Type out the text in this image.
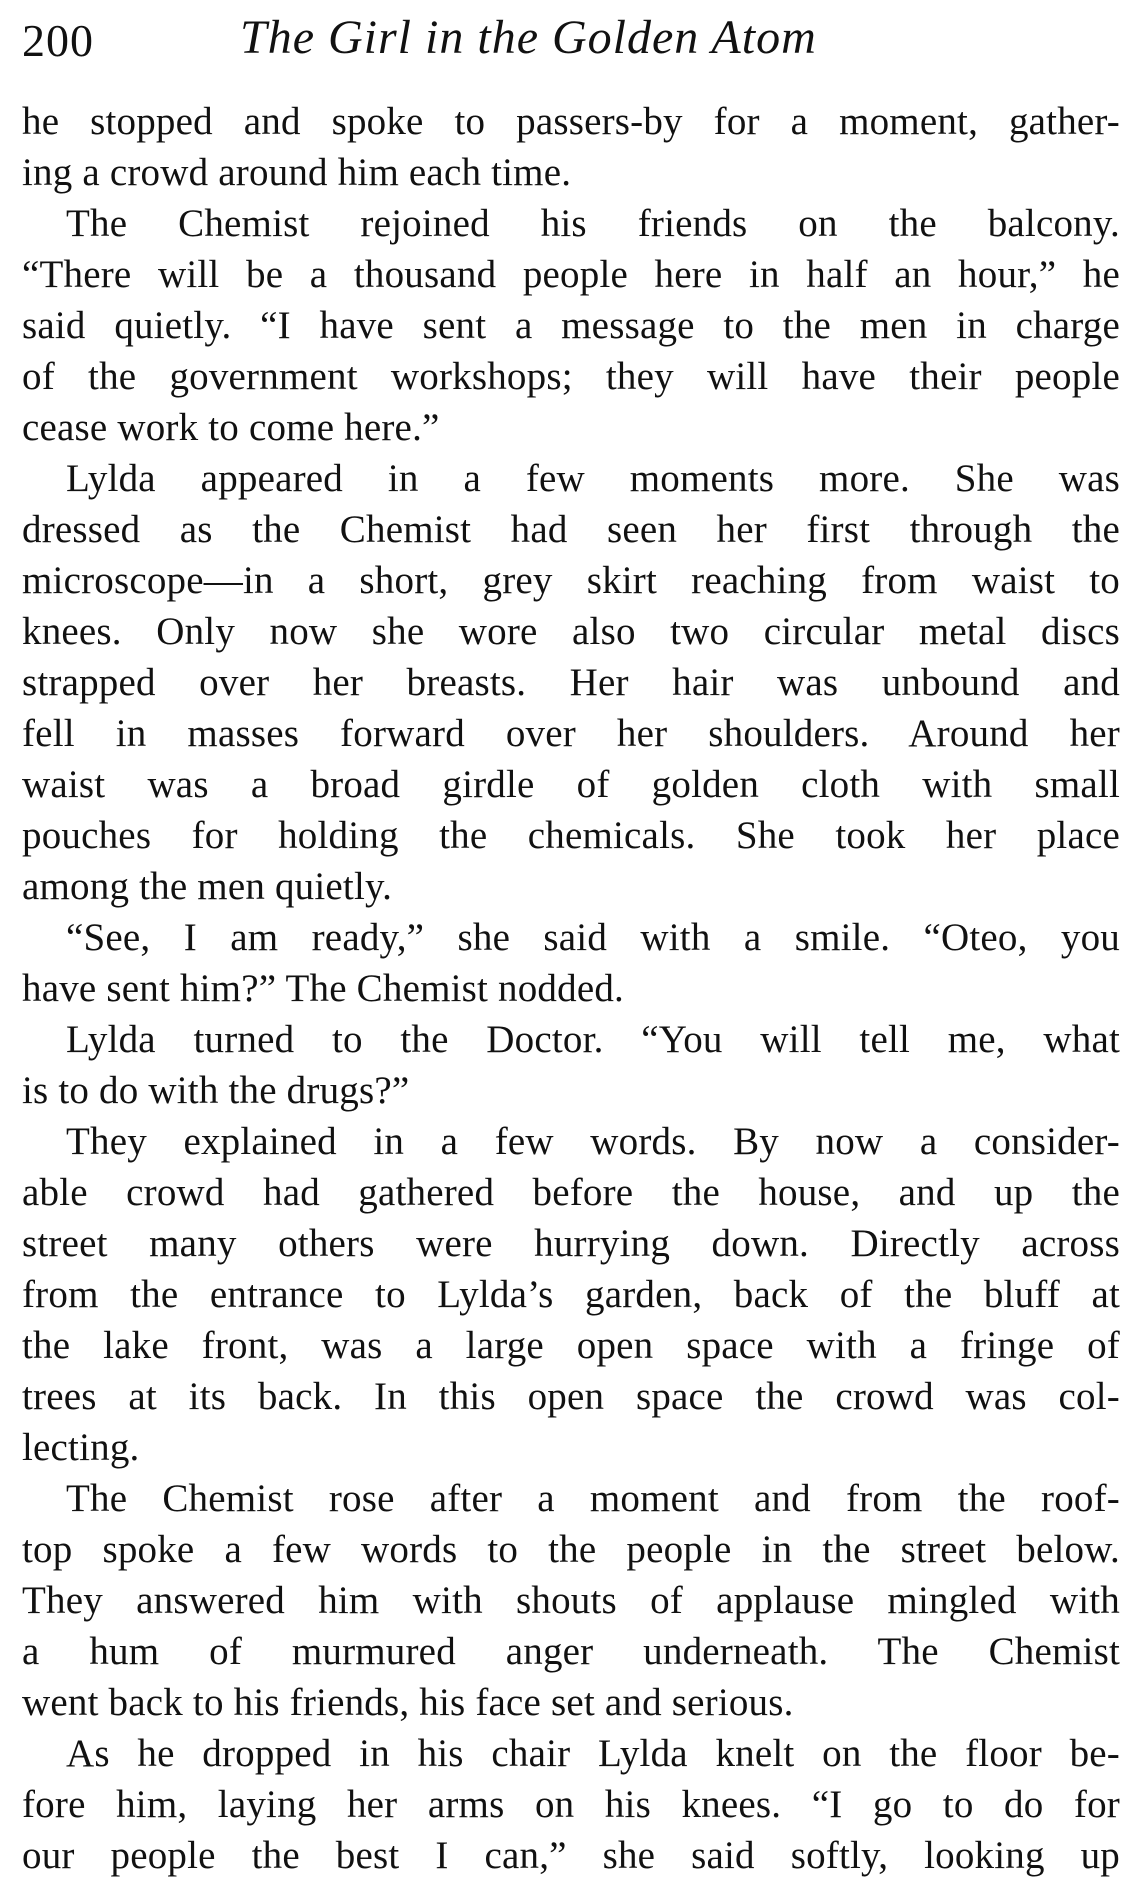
200	The Girl in the Golden Atom
he stopped and spoke to passers-by for a moment, gather-
ing a crowd around him each time.
The Chemist rejoined his friends on the balcony.
“There will be a thousand people here in half an hour,” he
said quietly. “I have sent a message to the men in charge
of the government workshops; they will have their people
cease work to come here.”
Lylda appeared in a few moments more. She was
dressed as the Chemist had seen her first through the
microscope—in a short, grey skirt reaching from waist to
knees. Only now she wore also two circular metal discs
strapped over her breasts. Her hair was unbound and
fell in masses forward over her shoulders. Around her
waist was a broad girdle of golden cloth with small
pouches for holding the chemicals. She took her place
among the men quietly.
“See, I am ready,” she said with a smile. “Oteo, you
have sent him?” The Chemist nodded.
Lylda turned to the Doctor. “You will tell me, what
is to do with the drugs?”
They explained in a few words. By now a consider-
able crowd had gathered before the house, and up the
street many others were hurrying down. Directly across
from the entrance to Lylda’s garden, back of the bluff at
the lake front, was a large open space with a fringe of
trees at its back. In this open space the crowd was col-
lecting.
The Chemist rose after a moment and from the roof-
top spoke a few words to the people in the street below.
They answered him with shouts of applause mingled with
a hum of murmured anger underneath. The Chemist
went back to his friends, his face set and serious.
As he dropped in his chair Lylda knelt on the floor be-
fore him, laying her arms on his knees. “I go to do for
our people the best I can,” she said softly, looking up
